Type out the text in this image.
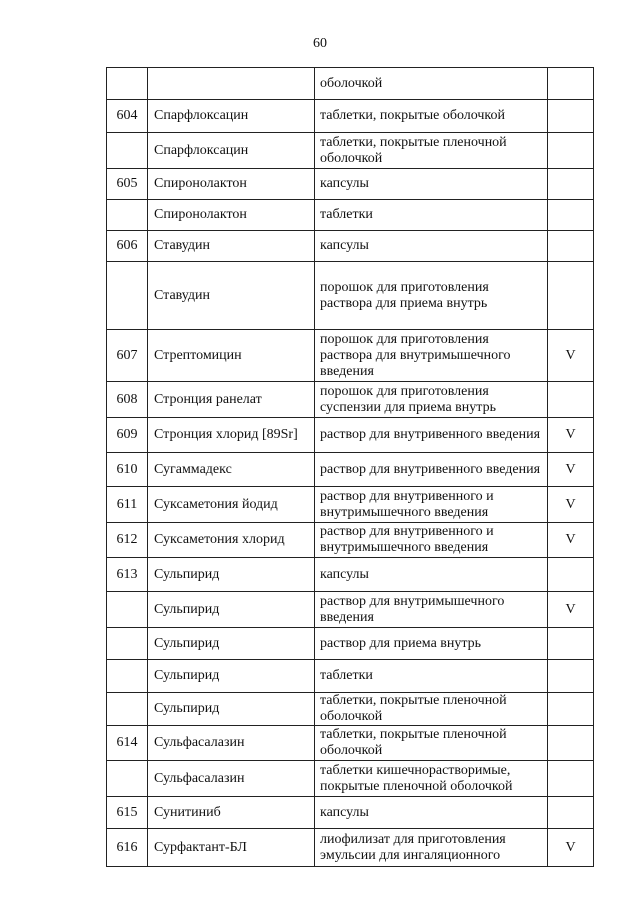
60
		оболочкой	
604	Спарфлоксацин	таблетки, покрытые оболочкой	
	Спарфлоксацин	таблетки, покрытые пленочной оболочкой	
605	Спиронолактон	капсулы	
	Спиронолактон	таблетки	
606	Ставудин	капсулы	
	Ставудин	порошок для приготовления раствора для приема внутрь	
607	Стрептомицин	порошок для приготовления раствора для внутримышечного введения	V
608	Стронция ранелат	порошок для приготовления суспензии для приема внутрь	
609	Стронция хлорид [89Sr]	раствор для внутривенного введения	V
610	Сугаммадекс	раствор для внутривенного введения	V
611	Суксаметония йодид	раствор для внутривенного и внутримышечного введения	V
612	Суксаметония хлорид	раствор для внутривенного и внутримышечного введения	V
613	Сульпирид	капсулы	
	Сульпирид	раствор для внутримышечного введения	V
	Сульпирид	раствор для приема внутрь	
	Сульпирид	таблетки	
	Сульпирид	таблетки, покрытые пленочной оболочкой	
614	Сульфасалазин	таблетки, покрытые пленочной оболочкой	
	Сульфасалазин	таблетки кишечнорастворимые, покрытые пленочной оболочкой	
615	Сунитиниб	капсулы	
616	Сурфактант-БЛ	лиофилизат для приготовления эмульсии для ингаляционного	V
